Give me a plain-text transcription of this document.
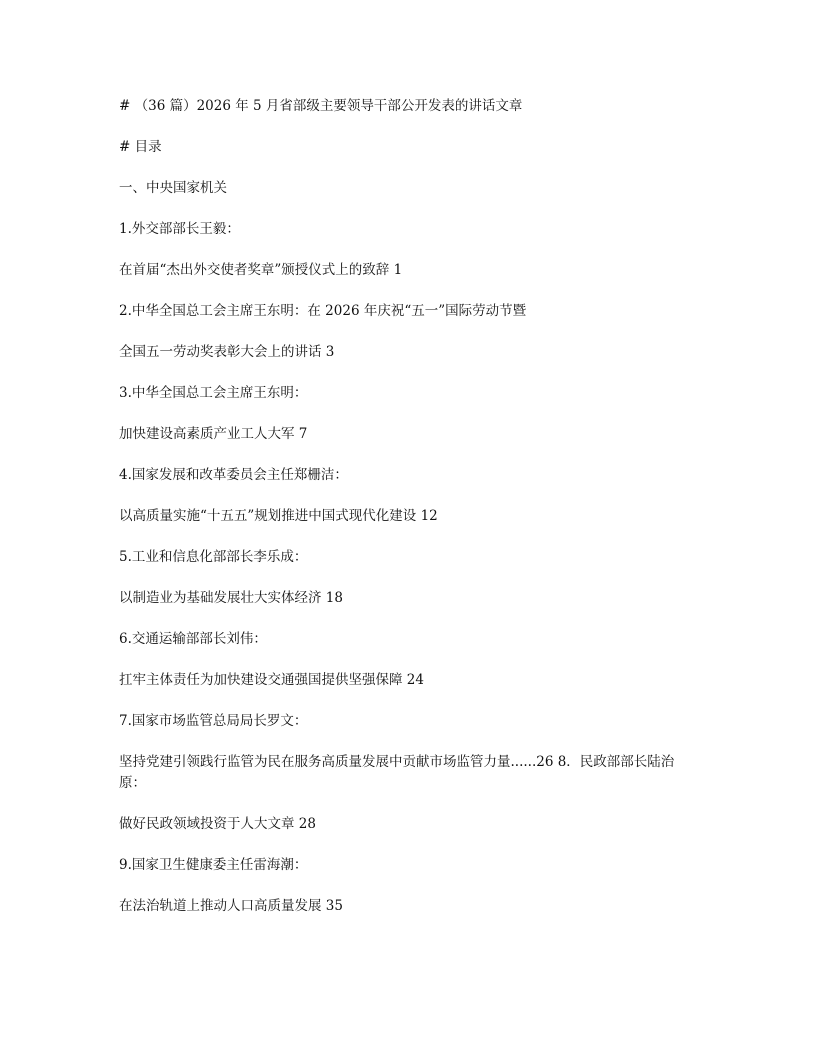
# （36 篇）2026 年 5 月省部级主要领导干部公开发表的讲话文章

# 目录

一、中央国家机关

1.外交部部长王毅：

在首届“杰出外交使者奖章”颁授仪式上的致辞 1

2.中华全国总工会主席王东明：在 2026 年庆祝“五一”国际劳动节暨

全国五一劳动奖表彰大会上的讲话 3

3.中华全国总工会主席王东明：

加快建设高素质产业工人大军 7

4.国家发展和改革委员会主任郑栅洁：

以高质量实施“十五五”规划推进中国式现代化建设 12

5.工业和信息化部部长李乐成：

以制造业为基础发展壮大实体经济 18

6.交通运输部部长刘伟：

扛牢主体责任为加快建设交通强国提供坚强保障 24

7.国家市场监管总局局长罗文：

坚持党建引领践行监管为民在服务高质量发展中贡献市场监管力量......26 8．民政部部长陆治原：

做好民政领域投资于人大文章 28

9.国家卫生健康委主任雷海潮：

在法治轨道上推动人口高质量发展 35
